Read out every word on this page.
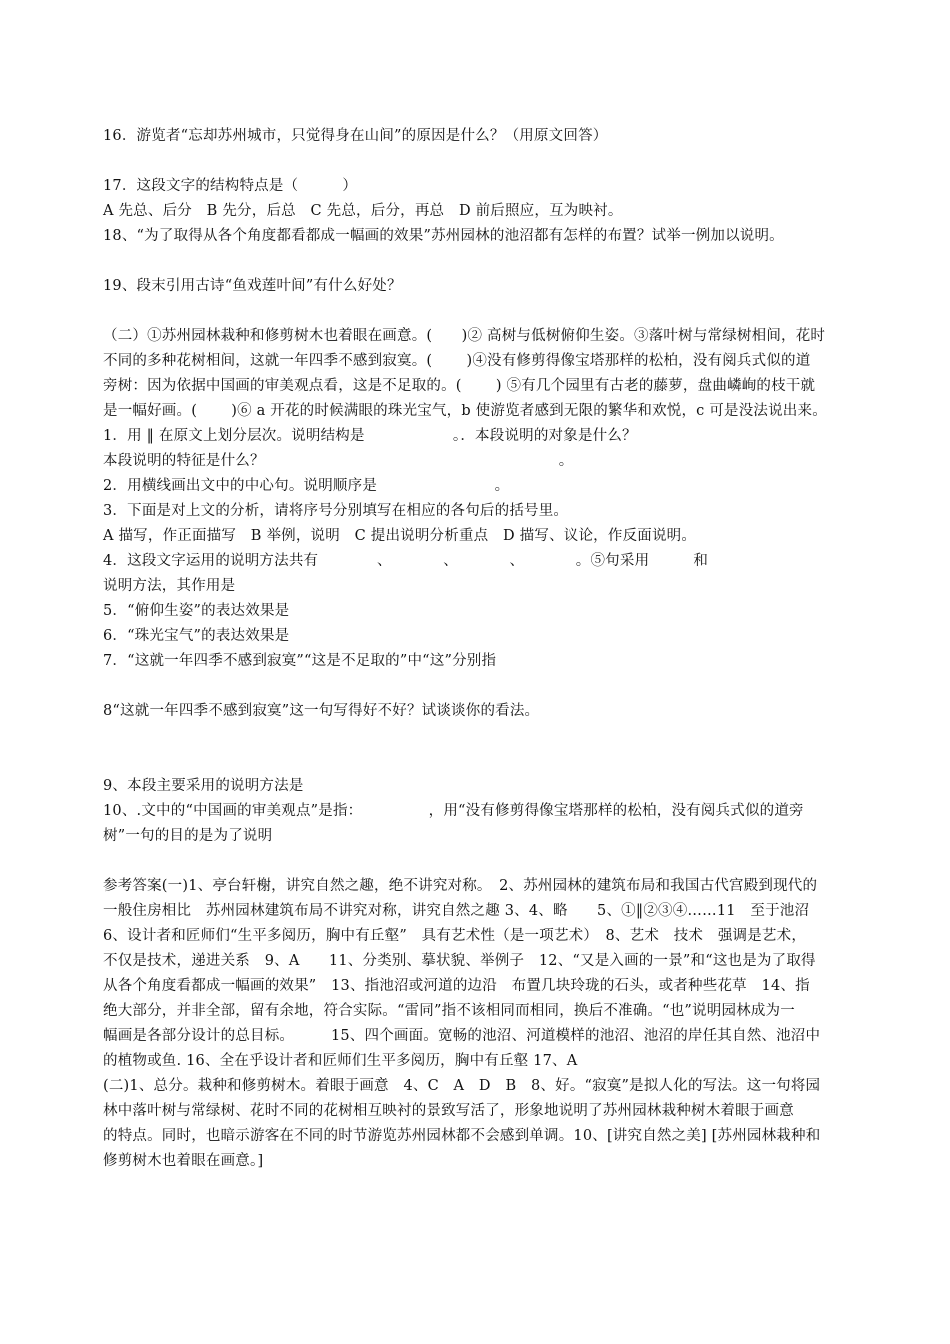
16．游览者“忘却苏州城市，只觉得身在山间”的原因是什么？（用原文回答）
17．这段文字的结构特点是（　　　）
A 先总、后分　B 先分，后总　C 先总，后分，再总　D 前后照应，互为映衬。
18、“为了取得从各个角度都看都成一幅画的效果”苏州园林的池沼都有怎样的布置？试举一例加以说明。
19、段末引用古诗“鱼戏莲叶间”有什么好处？
（二）①苏州园林栽种和修剪树木也着眼在画意。(　　)② 高树与低树俯仰生姿。③落叶树与常绿树相间，花时
不同的多种花树相间，这就一年四季不感到寂寞。(　　 )④没有修剪得像宝塔那样的松柏，没有阅兵式似的道
旁树：因为依据中国画的审美观点看，这是不足取的。(　　 ) ⑤有几个园里有古老的藤萝，盘曲嶙峋的枝干就
是一幅好画。(　　 )⑥ a 开花的时候满眼的珠光宝气，b 使游览者感到无限的繁华和欢悦，c 可是没法说出来。
1．用 ‖ 在原文上划分层次。说明结构是　　　　　　。．本段说明的对象是什么？
本段说明的特征是什么？　　　　　　　　　　　　　　　　　　　　。
2．用横线画出文中的中心句。说明顺序是　　　　　　　　。
3．下面是对上文的分析，请将序号分别填写在相应的各句后的括号里。
A 描写，作正面描写　B 举例，说明　C 提出说明分析重点　D 描写、议论，作反面说明。
4．这段文字运用的说明方法共有　　　　、　　　　、　　　　、　　　　。⑤句采用　　　和
说明方法，其作用是
5．“俯仰生姿”的表达效果是
6．“珠光宝气”的表达效果是
7．“这就一年四季不感到寂寞”“这是不足取的”中“这”分别指
8“这就一年四季不感到寂寞”这一句写得好不好？试谈谈你的看法。
9、本段主要采用的说明方法是
10、.文中的“中国画的审美观点”是指：　　　　　，用“没有修剪得像宝塔那样的松柏，没有阅兵式似的道旁
树”一句的目的是为了说明
参考答案(一)1、亭台轩榭，讲究自然之趣，绝不讲究对称。　2、苏州园林的建筑布局和我国古代宫殿到现代的
一般住房相比　苏州园林建筑布局不讲究对称，讲究自然之趣 3、4、略　　5、①‖②③④……11　至于池沼
6、设计者和匠师们“生平多阅历，胸中有丘壑”　具有艺术性（是一项艺术）　8、艺术　技术　强调是艺术，
不仅是技术，递进关系　9、A　　11、分类别、摹状貌、举例子　12、“又是入画的一景”和“这也是为了取得
从各个角度看都成一幅画的效果”　13、指池沼或河道的边沿　布置几块玲珑的石头，或者种些花草　14、指
绝大部分，并非全部，留有余地，符合实际。“雷同”指不该相同而相同，换后不准确。“也”说明园林成为一
幅画是各部分设计的总目标。　　　15、四个画面。宽畅的池沼、河道模样的池沼、池沼的岸任其自然、池沼中
的植物或鱼. 16、全在乎设计者和匠师们生平多阅历，胸中有丘壑 17、A
(二)1、总分。栽种和修剪树木。着眼于画意　4、C　A　D　B　8、好。“寂寞”是拟人化的写法。这一句将园
林中落叶树与常绿树、花时不同的花树相互映衬的景致写活了，形象地说明了苏州园林栽种树木着眼于画意
的特点。同时，也暗示游客在不同的时节游览苏州园林都不会感到单调。10、[讲究自然之美] [苏州园林栽种和
修剪树木也着眼在画意。]
